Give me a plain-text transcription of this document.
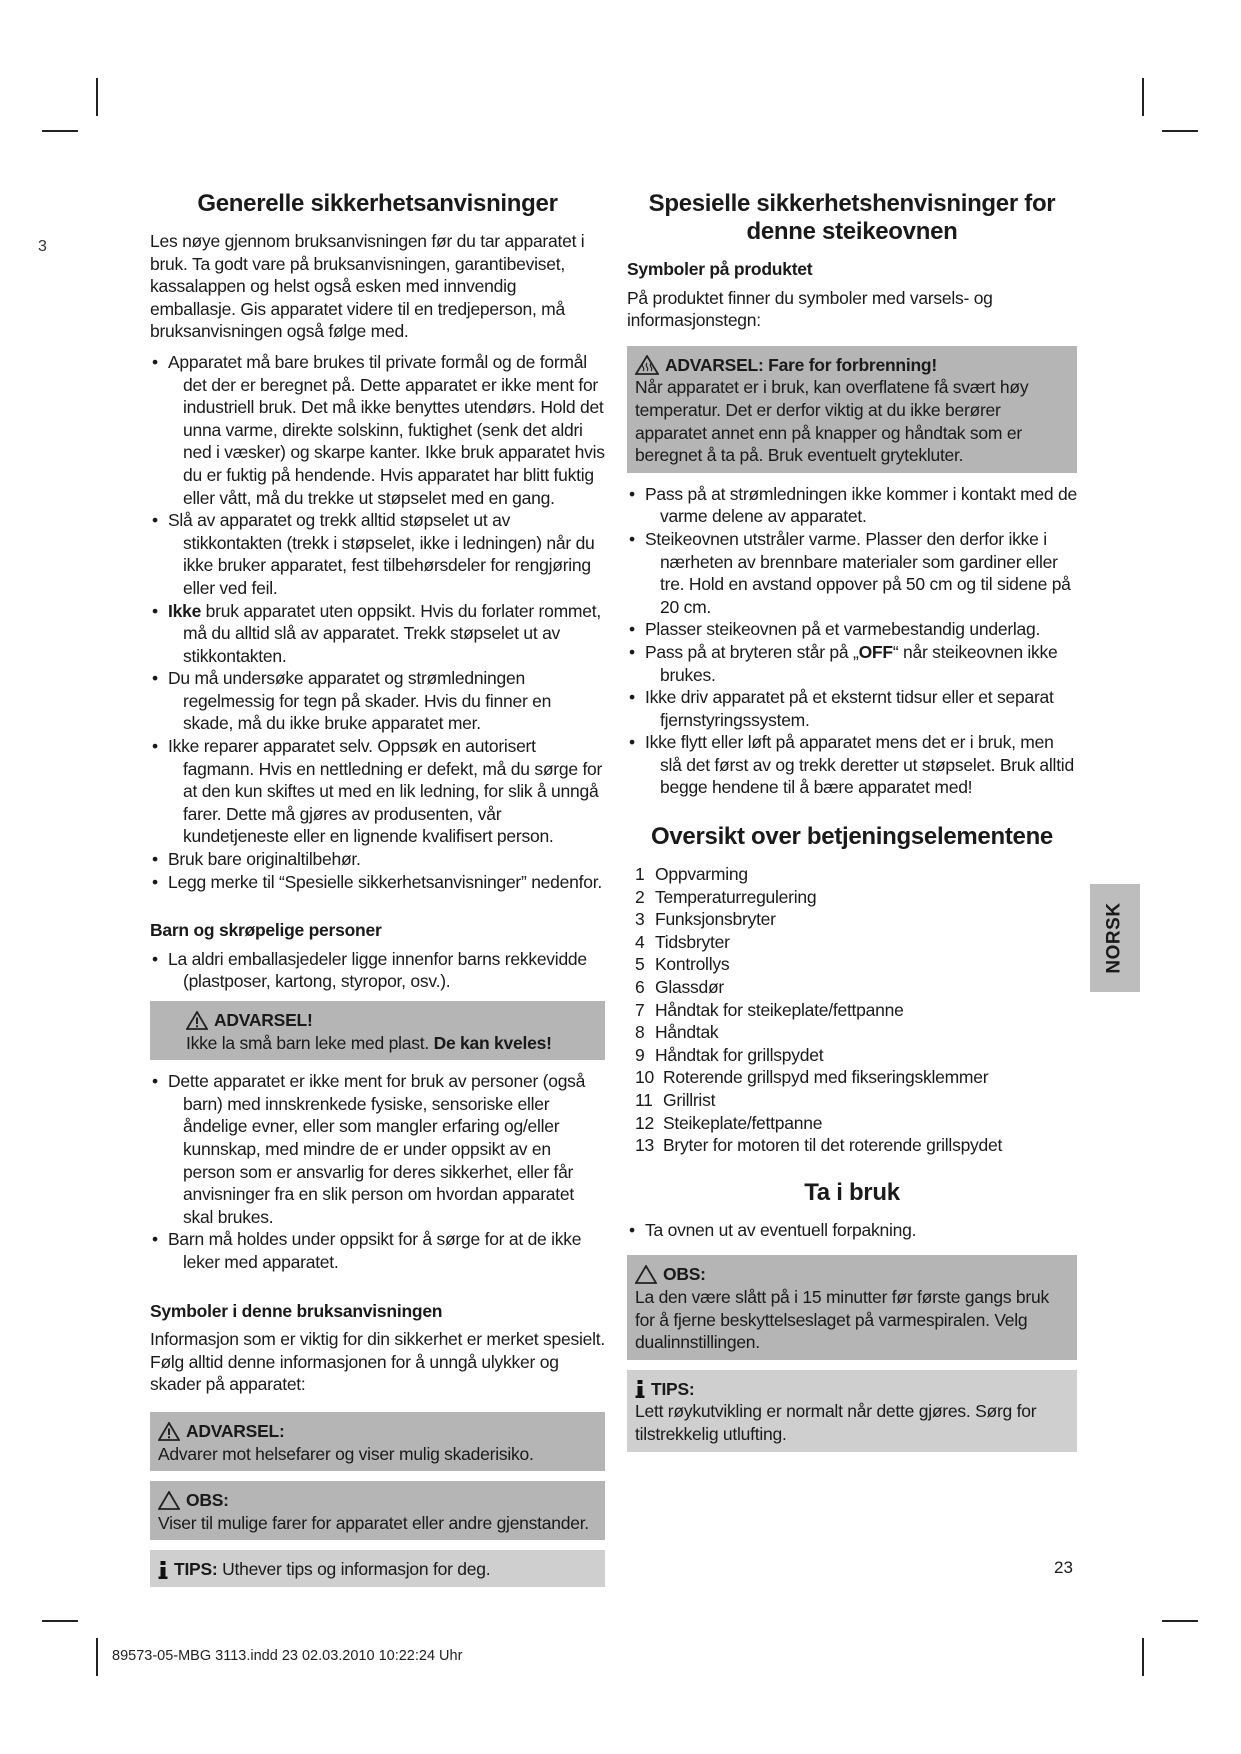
3
Generelle sikkerhetsanvisninger

Les nøye gjennom bruksanvisningen før du tar apparatet i bruk. Ta godt vare på bruksanvisningen, garantibeviset, kassalappen og helst også esken med innvendig emballasje. Gis apparatet videre til en tredjeperson, må bruksanvisningen også følge med.

• Apparatet må bare brukes til private formål og de formål det der er beregnet på. Dette apparatet er ikke ment for industriell bruk. Det må ikke benyttes utendørs. Hold det unna varme, direkte solskinn, fuktighet (senk det aldri ned i væsker) og skarpe kanter. Ikke bruk apparatet hvis du er fuktig på hendende. Hvis apparatet har blitt fuktig eller vått, må du trekke ut støpselet med en gang.
• Slå av apparatet og trekk alltid støpselet ut av stikkontakten (trekk i støpselet, ikke i ledningen) når du ikke bruker apparatet, fest tilbehørsdeler for rengjøring eller ved feil.
• Ikke bruk apparatet uten oppsikt. Hvis du forlater rommet, må du alltid slå av apparatet. Trekk støpselet ut av stikkontakten.
• Du må undersøke apparatet og strømledningen regelmessig for tegn på skader. Hvis du finner en skade, må du ikke bruke apparatet mer.
• Ikke reparer apparatet selv. Oppsøk en autorisert fagmann. Hvis en nettledning er defekt, må du sørge for at den kun skiftes ut med en lik ledning, for slik å unngå farer. Dette må gjøres av produsenten, vår kundetjeneste eller en lignende kvalifisert person.
• Bruk bare originaltilbehør.
• Legg merke til “Spesielle sikkerhetsanvisninger” nedenfor.
Barn og skrøpelige personer
• La aldri emballasjedeler ligge innenfor barns rekkevidde (plastposer, kartong, styropor, osv.).
ADVARSEL!
Ikke la små barn leke med plast. De kan kveles!
• Dette apparatet er ikke ment for bruk av personer (også barn) med innskrenkede fysiske, sensoriske eller åndelige evner, eller som mangler erfaring og/eller kunnskap, med mindre de er under oppsikt av en person som er ansvarlig for deres sikkerhet, eller får anvisninger fra en slik person om hvordan apparatet skal brukes.
• Barn må holdes under oppsikt for å sørge for at de ikke leker med apparatet.
Symboler i denne bruksanvisningen

Informasjon som er viktig for din sikkerhet er merket spesielt. Følg alltid denne informasjonen for å unngå ulykker og skader på apparatet:

ADVARSEL:
Advarer mot helsefarer og viser mulig skaderisiko.
OBS:
Viser til mulige farer for apparatet eller andre gjenstander.
TIPS: Uthever tips og informasjon for deg.
Spesielle sikkerhetshenvisninger for denne steikeovnen
Symboler på produktet

På produktet finner du symboler med varsels- og informasjonstegn:

ADVARSEL: Fare for forbrenning!
Når apparatet er i bruk, kan overflatene få svært høy temperatur. Det er derfor viktig at du ikke berører apparatet annet enn på knapper og håndtak som er beregnet å ta på. Bruk eventuelt grytekluter.
• Pass på at strømledningen ikke kommer i kontakt med de varme delene av apparatet.
• Steikeovnen utstråler varme. Plasser den derfor ikke i nærheten av brennbare materialer som gardiner eller tre. Hold en avstand oppover på 50 cm og til sidene på 20 cm.
• Plasser steikeovnen på et varmebestandig underlag.
• Pass på at bryteren står på „OFF“ når steikeovnen ikke brukes.
• Ikke driv apparatet på et eksternt tidsur eller et separat fjernstyringssystem.
• Ikke flytt eller løft på apparatet mens det er i bruk, men slå det først av og trekk deretter ut støpselet. Bruk alltid begge hendene til å bære apparatet med!
Oversikt over betjeningselementene
1 Oppvarming
2 Temperaturregulering
3 Funksjonsbryter
4 Tidsbryter
5 Kontrollys
6 Glassdør
7 Håndtak for steikeplate/fettpanne
8 Håndtak
9 Håndtak for grillspydet
10 Roterende grillspyd med fikseringsklemmer
11 Grillrist
12 Steikeplate/fettpanne
13 Bryter for motoren til det roterende grillspydet
Ta i bruk
• Ta ovnen ut av eventuell forpakning.
OBS:
La den være slått på i 15 minutter før første gangs bruk for å fjerne beskyttelseslaget på varmespiralen. Velg dualinnstillingen.
TIPS:
Lett røykutvikling er normalt når dette gjøres. Sørg for tilstrekkelig utlufting.
NORSK
23
89573-05-MBG 3113.indd 23 02.03.2010 10:22:24 Uhr
